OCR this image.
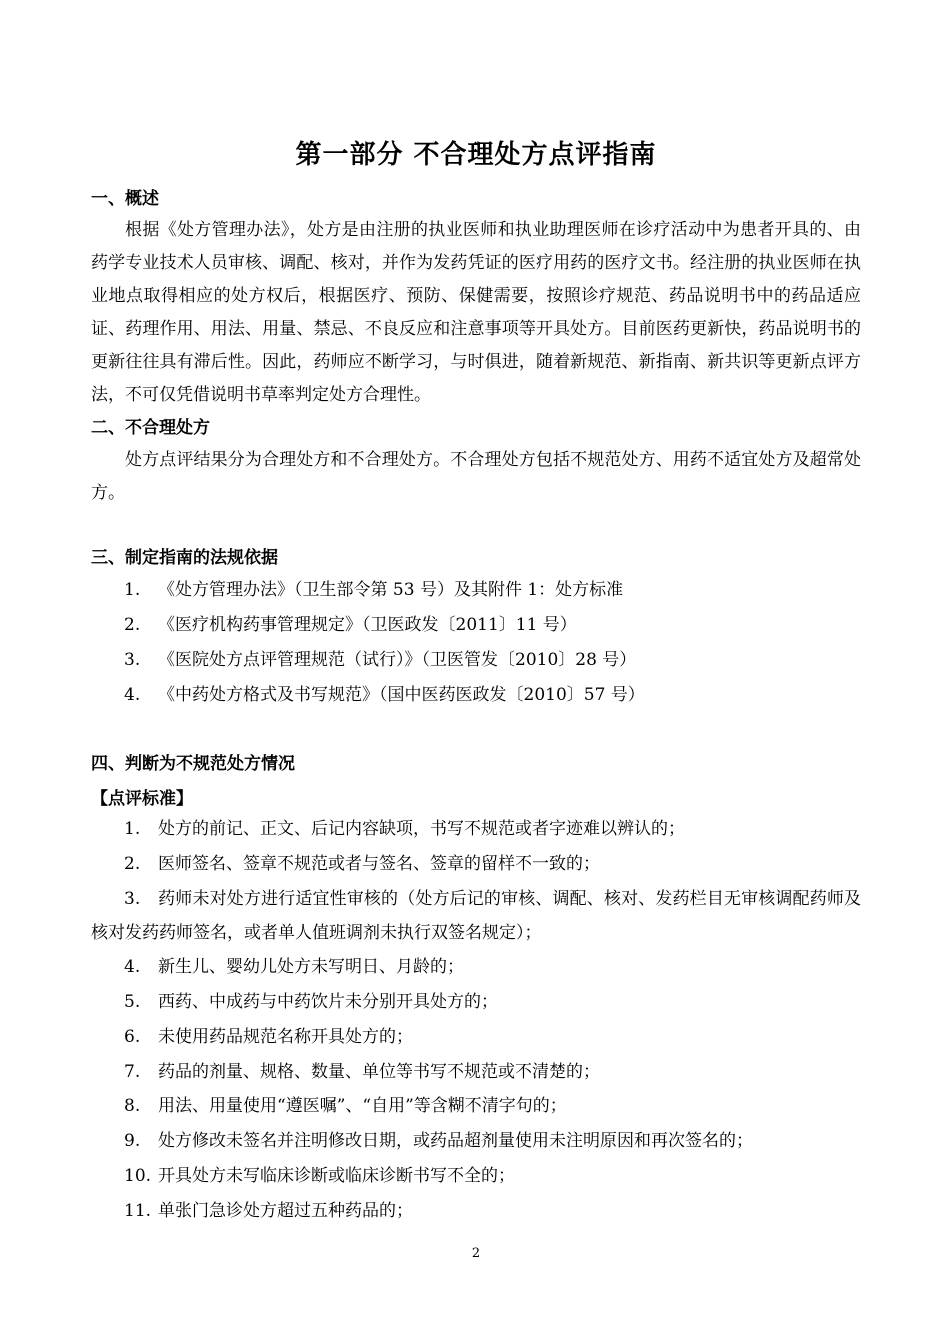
第一部分 不合理处方点评指南
一、概述
根据《处方管理办法》，处方是由注册的执业医师和执业助理医师在诊疗活动中为患者开具的、由药学专业技术人员审核、调配、核对，并作为发药凭证的医疗用药的医疗文书。经注册的执业医师在执业地点取得相应的处方权后，根据医疗、预防、保健需要，按照诊疗规范、药品说明书中的药品适应证、药理作用、用法、用量、禁忌、不良反应和注意事项等开具处方。目前医药更新快，药品说明书的更新往往具有滞后性。因此，药师应不断学习，与时俱进，随着新规范、新指南、新共识等更新点评方法，不可仅凭借说明书草率判定处方合理性。
二、不合理处方
处方点评结果分为合理处方和不合理处方。不合理处方包括不规范处方、用药不适宜处方及超常处方。
三、制定指南的法规依据
1. 《处方管理办法》（卫生部令第 53 号）及其附件 1：处方标准
2. 《医疗机构药事管理规定》（卫医政发〔2011〕11 号）
3. 《医院处方点评管理规范（试行）》（卫医管发〔2010〕28 号）
4. 《中药处方格式及书写规范》（国中医药医政发〔2010〕57 号）
四、判断为不规范处方情况
【点评标准】
1. 处方的前记、正文、后记内容缺项，书写不规范或者字迹难以辨认的；
2. 医师签名、签章不规范或者与签名、签章的留样不一致的；
3. 药师未对处方进行适宜性审核的（处方后记的审核、调配、核对、发药栏目无审核调配药师及核对发药药师签名，或者单人值班调剂未执行双签名规定）；
4. 新生儿、婴幼儿处方未写明日、月龄的；
5. 西药、中成药与中药饮片未分别开具处方的；
6. 未使用药品规范名称开具处方的；
7. 药品的剂量、规格、数量、单位等书写不规范或不清楚的；
8. 用法、用量使用“遵医嘱”、“自用”等含糊不清字句的；
9. 处方修改未签名并注明修改日期，或药品超剂量使用未注明原因和再次签名的；
10. 开具处方未写临床诊断或临床诊断书写不全的；
11. 单张门急诊处方超过五种药品的；
2
